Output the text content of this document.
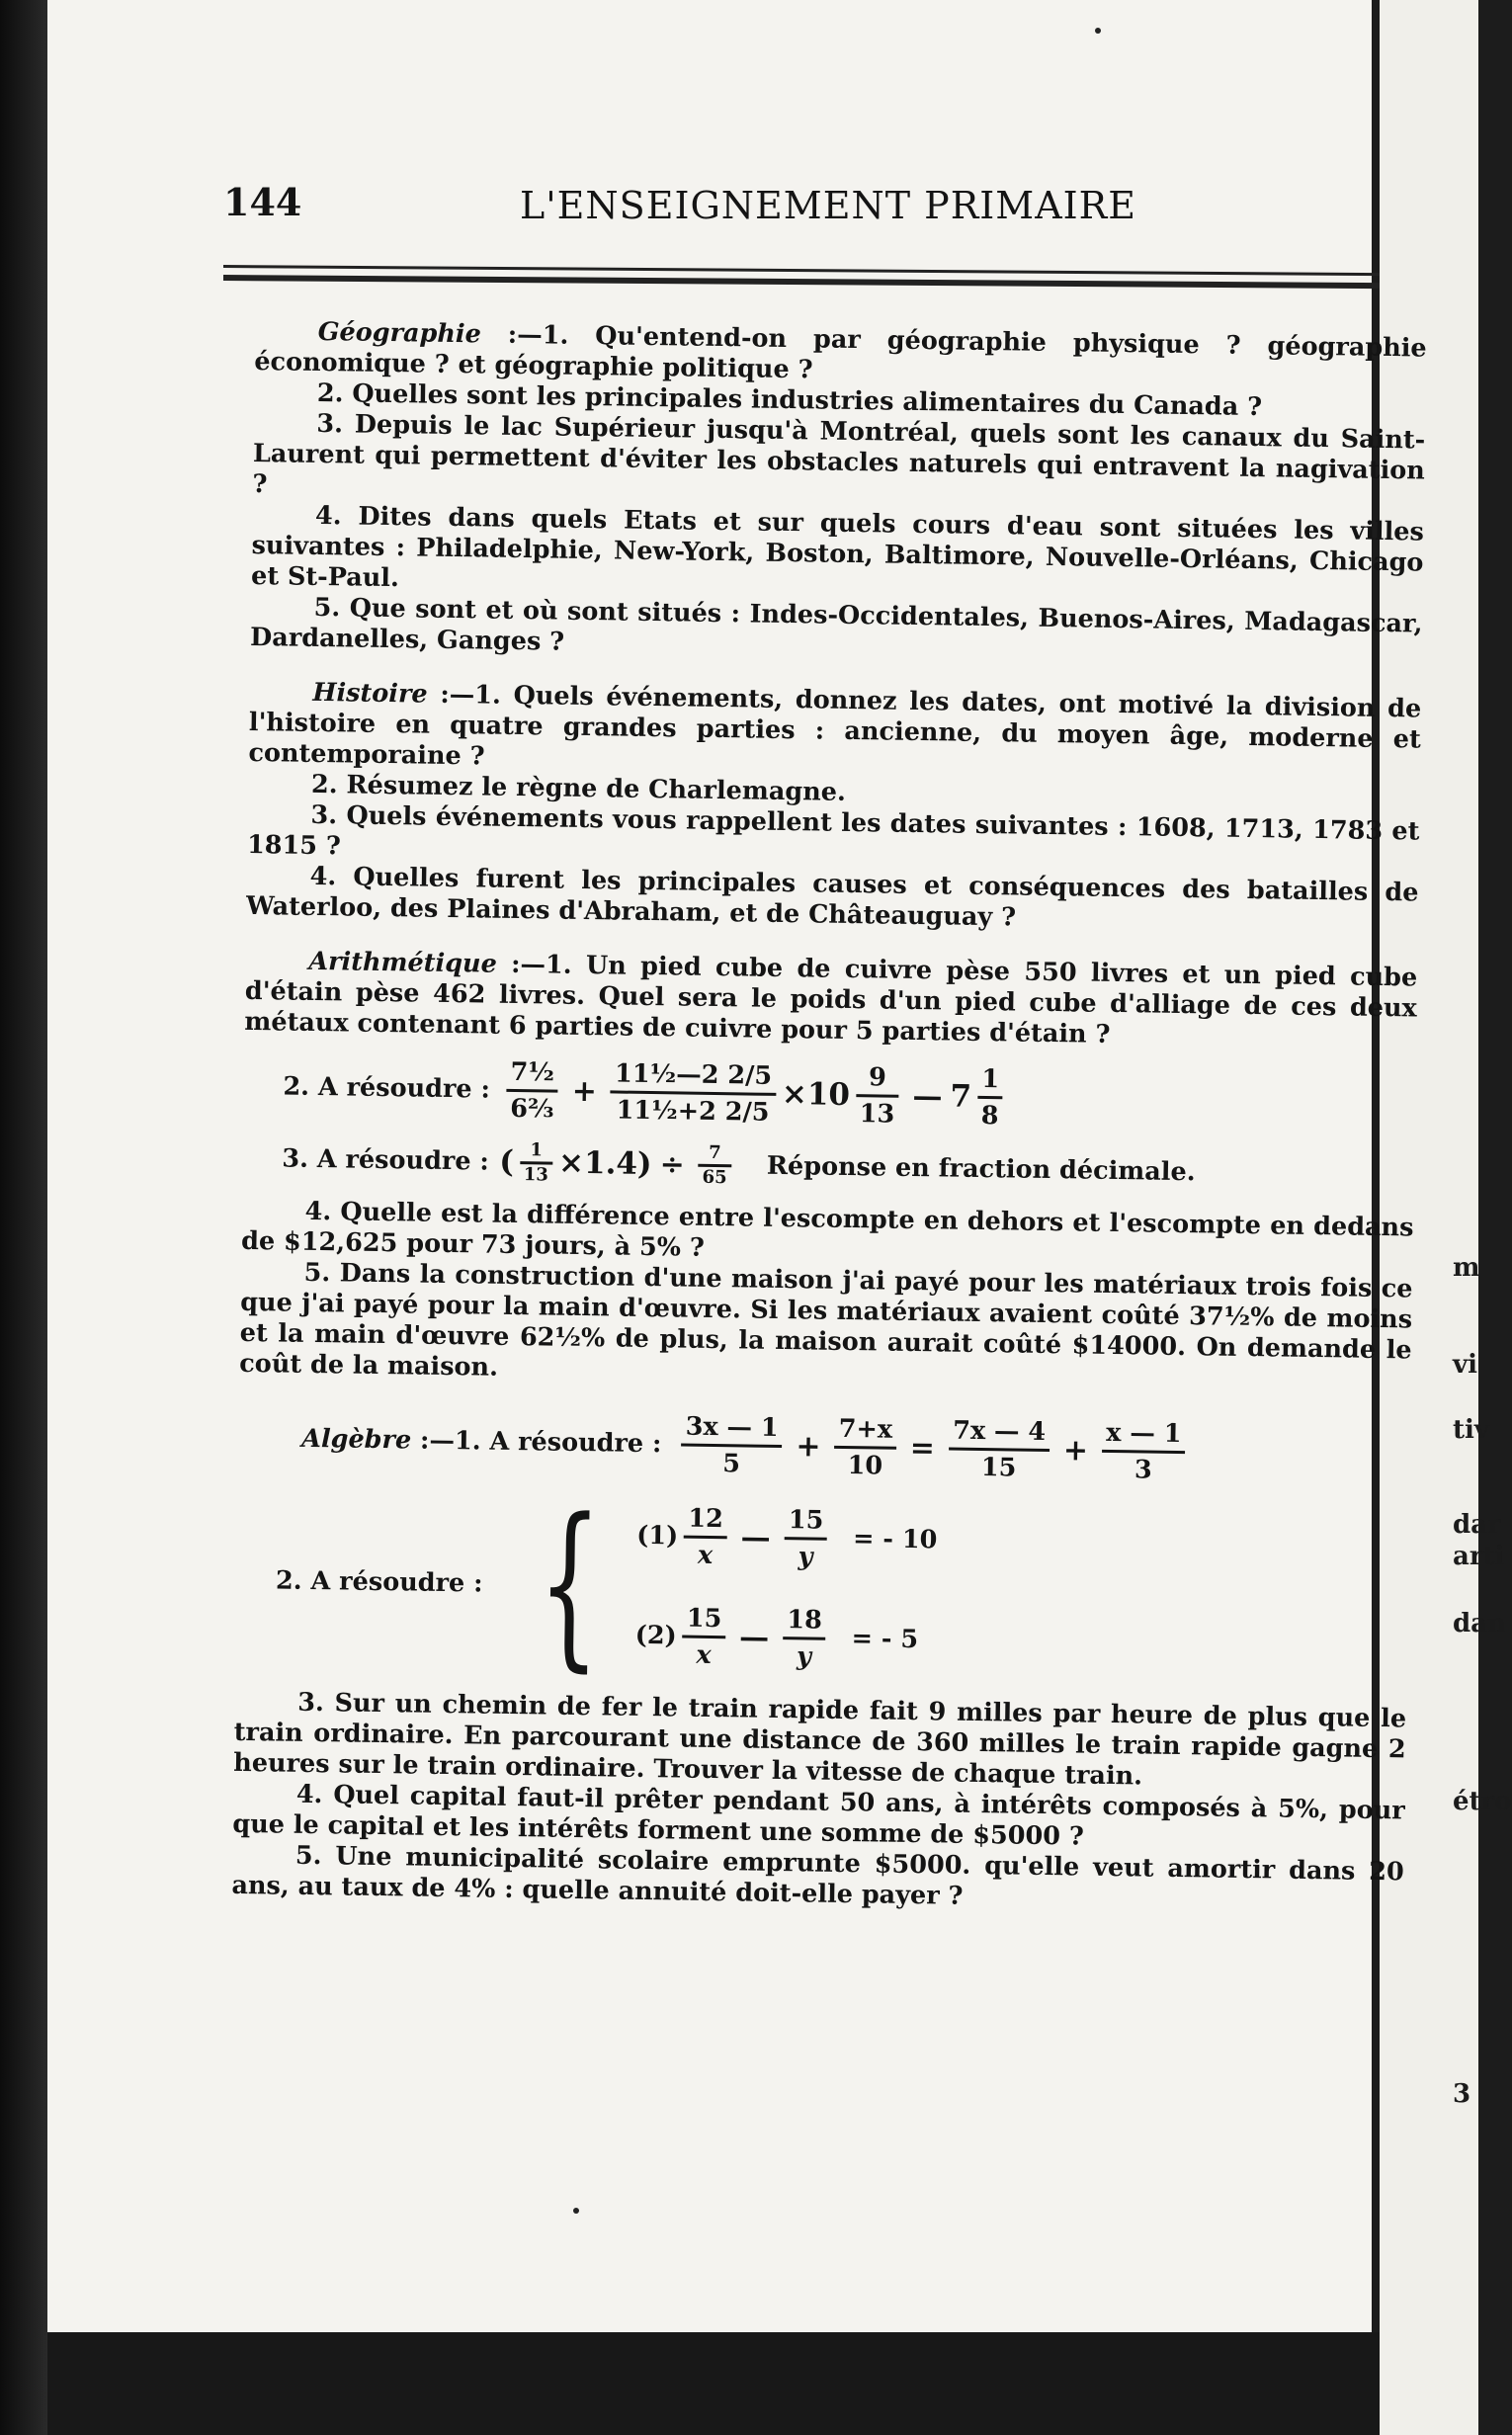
m
vi
tiv
dar
arti
dan
étro
3
144	L'ENSEIGNEMENT PRIMAIRE

Géographie :—1. Qu'entend-on par géographie physique ? géographie économique ? et géographie politique ?

2. Quelles sont les principales industries alimentaires du Canada ?

3. Depuis le lac Supérieur jusqu'à Montréal, quels sont les canaux du Saint-Laurent qui permettent d'éviter les obstacles naturels qui entravent la nagivation ?

4. Dites dans quels Etats et sur quels cours d'eau sont situées les villes suivantes : Philadelphie, New-York, Boston, Baltimore, Nouvelle-Orléans, Chicago et St-Paul.

5. Que sont et où sont situés : Indes-Occidentales, Buenos-Aires, Madagascar, Dardanelles, Ganges ?

Histoire :—1. Quels événements, donnez les dates, ont motivé la division de l'histoire en quatre grandes parties : ancienne, du moyen âge, moderne et contemporaine ?

2. Résumez le règne de Charlemagne.

3. Quels événements vous rappellent les dates suivantes : 1608, 1713, 1783 et 1815 ?

4. Quelles furent les principales causes et conséquences des batailles de Waterloo, des Plaines d'Abraham, et de Châteauguay ?

Arithmétique :—1. Un pied cube de cuivre pèse 550 livres et un pied cube d'étain pèse 462 livres. Quel sera le poids d'un pied cube d'alliage de ces deux métaux contenant 6 parties de cuivre pour 5 parties d'étain ?

2. A résoudre : $\frac{\text{7½}}{\text{6⅔}}$ + 11½—2 2/5
11½+2 $2/5 \times 10 \frac{9}{13}$ — $7 \frac{1}{8}$
3. A résoudre : ( $\frac{1}{13} \times 1.4) \div \frac{7}{65}$ Réponse en fraction décimale.

4. Quelle est la différence entre l'escompte en dehors et l'escompte en dedans de $12,625 pour 73 jours, à 5% ?

5. Dans la construction d'une maison j'ai payé pour les matériaux trois fois ce que j'ai payé pour la main d'œuvre. Si les matériaux avaient coûté 37½% de moins et la main d'œuvre 62½% de plus, la maison aurait coûté $14000. On demande le coût de la maison.

Algèbre
:—1. A résoudre : 3x — 1
$5 + \frac{7+x}{10} = 7x$ — 4
15 + x — 1
3
2. A résoudre : { $(1) \frac{12}{x}$ — $\frac{15}{y}$ = - 10
$(2) \frac{15}{x}$ — $\frac{18}{y}$ = - 5

3. Sur un chemin de fer le train rapide fait 9 milles par heure de plus que le train ordinaire. En parcourant une distance de 360 milles le train rapide gagne 2 heures sur le train ordinaire. Trouver la vitesse de chaque train.

4. Quel capital faut-il prêter pendant 50 ans, à intérêts composés à 5%, pour que le capital et les intérêts forment une somme de $5000 ?

5. Une municipalité scolaire emprunte $5000. qu'elle veut amortir dans 20 ans, au taux de 4% : quelle annuité doit-elle payer ?
